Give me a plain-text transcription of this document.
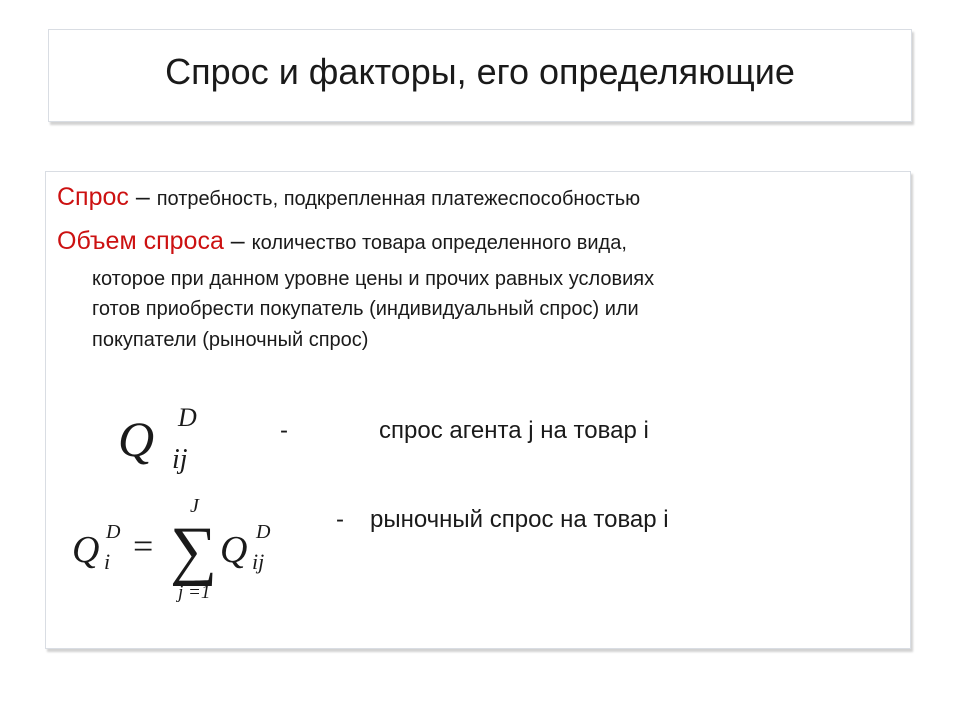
Спрос и факторы, его определяющие
Спрос – потребность, подкрепленная платежеспособностью
Объем спроса – количество товара определенного вида,
которое при данном уровне цены и прочих равных условиях
готов приобрести покупатель (индивидуальный спрос) или
покупатели (рыночный спрос)
Q D
ij
-	спрос агента j на товар i
Q D
i = ∑
J
j =1
Q D
ij
- рыночный спрос на товар i
